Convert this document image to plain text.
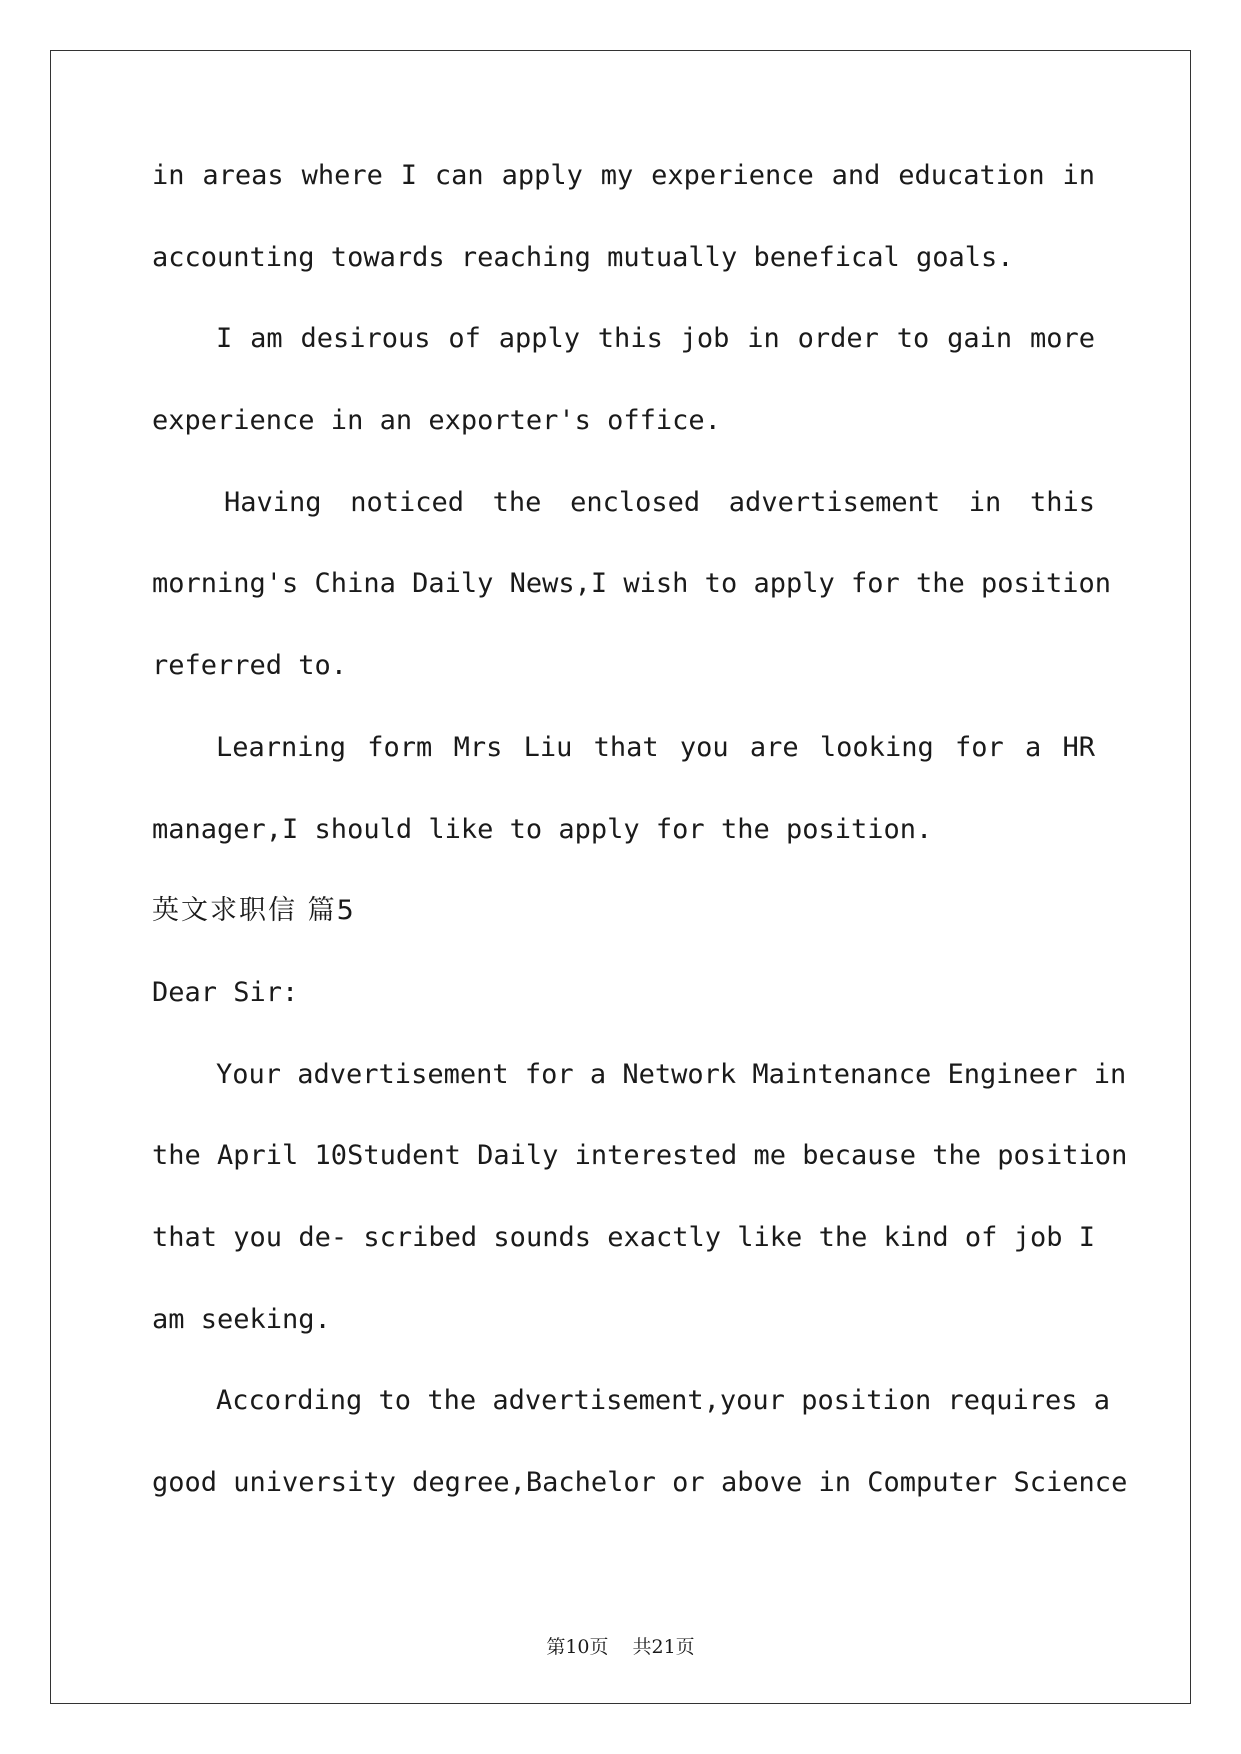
in areas where I can apply my experience and education in
accounting towards reaching mutually benefical goals.
I am desirous of apply this job in order to gain more
experience in an exporter's office.
Having noticed the enclosed advertisement in this
morning's China Daily News,I wish to apply for the position
referred to.
Learning form Mrs Liu that you are looking for a HR
manager,I should like to apply for the position.
英文求职信 篇5
Dear Sir:
Your advertisement for a Network Maintenance Engineer in
the April 10Student Daily interested me because the position
that you de- scribed sounds exactly like the kind of job I
am seeking.
According to the advertisement,your position requires a
good university degree,Bachelor or above in Computer Science
第10页 共21页
